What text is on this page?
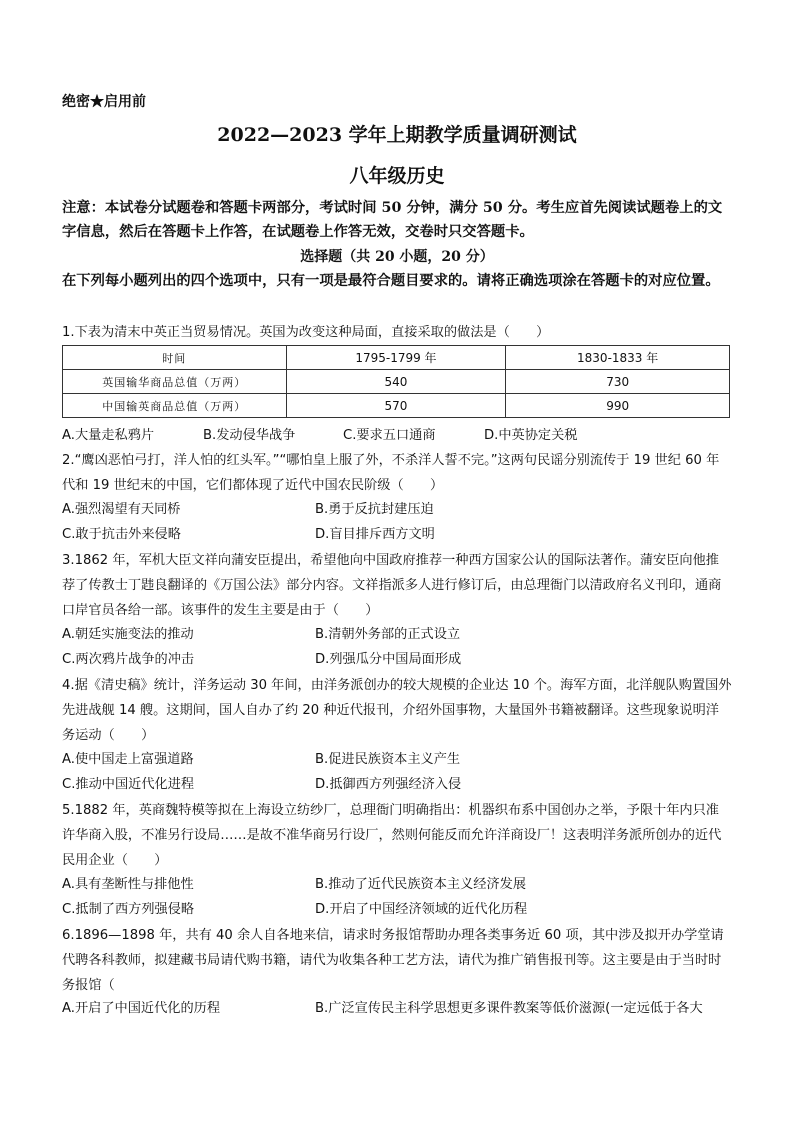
绝密★启用前
2022—2023 学年上期教学质量调研测试
八年级历史
注意：本试卷分试题卷和答题卡两部分，考试时间 50 分钟，满分 50 分。考生应首先阅读试题卷上的文字信息，然后在答题卡上作答，在试题卷上作答无效，交卷时只交答题卡。
选择题（共 20 小题，20 分）
在下列每小题列出的四个选项中，只有一项是最符合题目要求的。请将正确选项涂在答题卡的对应位置。
1.下表为清末中英正当贸易情况。英国为改变这种局面，直接采取的做法是（　　）
时间	1795-1799 年	1830-1833 年
英国输华商品总值（万两）	540	730
中国输英商品总值（万两）	570	990
A.大量走私鸦片	B.发动侵华战争	C.要求五口通商	D.中英协定关税
2.“鹰凶恶怕弓打，洋人怕的红头军。”“哪怕皇上服了外，不杀洋人誓不完。”这两句民谣分别流传于 19 世纪 60 年代和 19 世纪末的中国，它们都体现了近代中国农民阶级（　　）
A.强烈渴望有天同桥	B.勇于反抗封建压迫
C.敢于抗击外来侵略	D.盲目排斥西方文明
3.1862 年，军机大臣文祥向蒲安臣提出，希望他向中国政府推荐一种西方国家公认的国际法著作。蒲安臣向他推荐了传教士丁韪良翻译的《万国公法》部分内容。文祥指派多人进行修订后，由总理衙门以清政府名义刊印，通商口岸官员各给一部。该事件的发生主要是由于（　　）
A.朝廷实施变法的推动	B.清朝外务部的正式设立
C.两次鸦片战争的冲击	D.列强瓜分中国局面形成
4.据《清史稿》统计，洋务运动 30 年间，由洋务派创办的较大规模的企业达 10 个。海军方面，北洋舰队购置国外先进战舰 14 艘。这期间，国人自办了约 20 种近代报刊，介绍外国事物，大量国外书籍被翻译。这些现象说明洋务运动（　　）
A.使中国走上富强道路	B.促进民族资本主义产生
C.推动中国近代化进程	D.抵御西方列强经济入侵
5.1882 年，英商魏特模等拟在上海设立纺纱厂，总理衙门明确指出：机器织布系中国创办之举，予限十年内只准许华商入股，不准另行设局……是故不准华商另行设厂，然则何能反而允许洋商设厂！这表明洋务派所创办的近代民用企业（　　）
A.具有垄断性与排他性	B.推动了近代民族资本主义经济发展
C.抵制了西方列强侵略	D.开启了中国经济领域的近代化历程
6.1896—1898 年，共有 40 余人自各地来信，请求时务报馆帮助办理各类事务近 60 项，其中涉及拟开办学堂请代聘各科教师，拟建藏书局请代购书籍，请代为收集各种工艺方法，请代为推广销售报刊等。这主要是由于当时时务报馆（
A.开启了中国近代化的历程	B.广泛宣传民主科学思想更多课件教案等低价滋源(一定远低于各大
